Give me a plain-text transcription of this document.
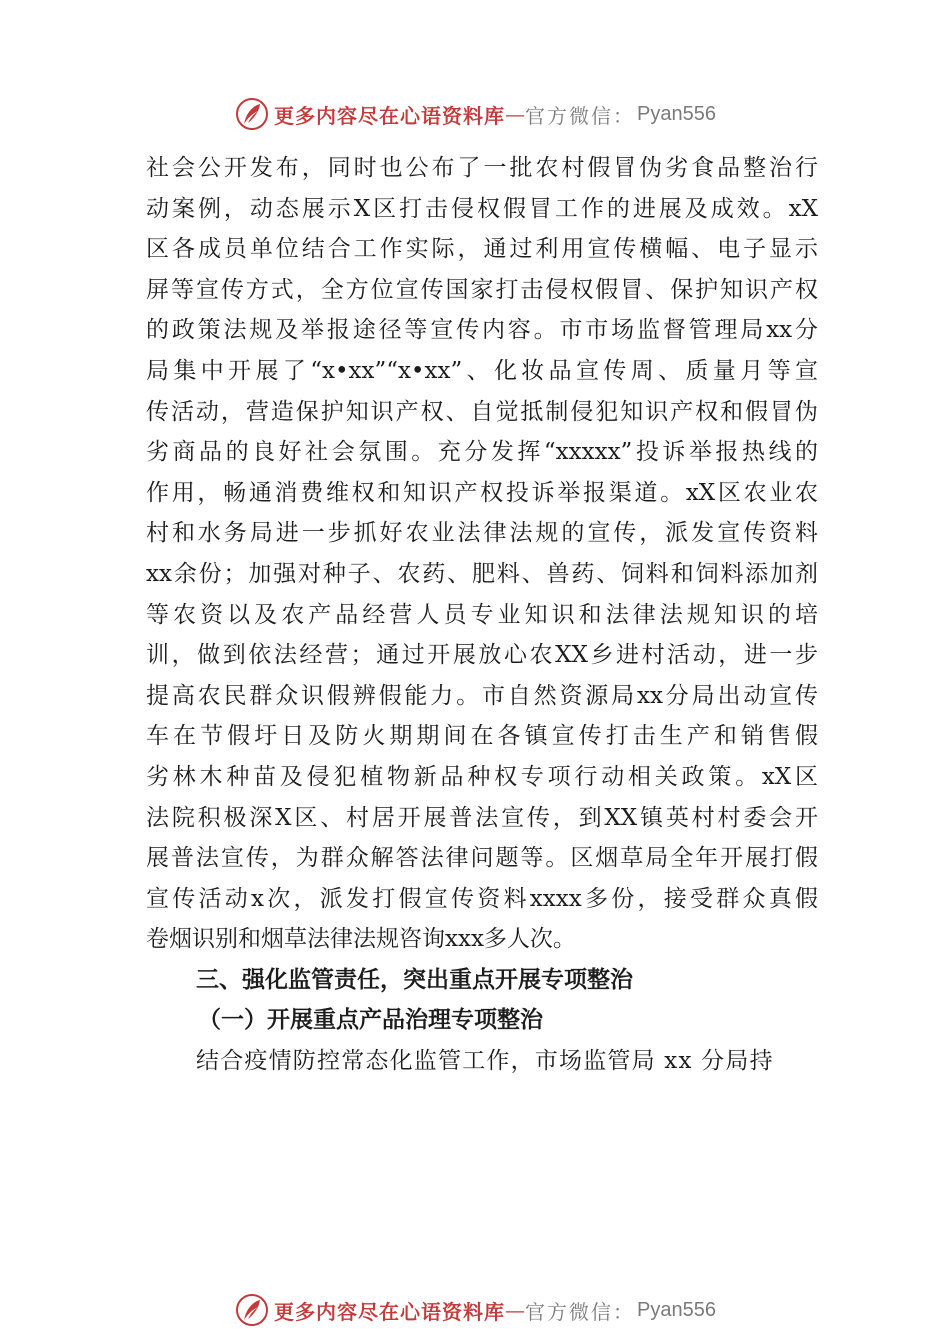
更多内容尽在心语资料库 — 官方微信： Pyan556
社会公开发布，同时也公布了一批农村假冒伪劣食品整治行
动案例，动态展示X区打击侵权假冒工作的进展及成效。xX
区各成员单位结合工作实际，通过利用宣传横幅、电子显示
屏等宣传方式，全方位宣传国家打击侵权假冒、保护知识产权
的政策法规及举报途径等宣传内容。市市场监督管理局xx分
局集中开展了“x•xx”“x•xx”、化妆品宣传周、质量月等宣
传活动，营造保护知识产权、自觉抵制侵犯知识产权和假冒伪
劣商品的良好社会氛围。充分发挥“xxxxx”投诉举报热线的
作用，畅通消费维权和知识产权投诉举报渠道。xX区农业农
村和水务局进一步抓好农业法律法规的宣传，派发宣传资料
xx余份；加强对种子、农药、肥料、兽药、饲料和饲料添加剂
等农资以及农产品经营人员专业知识和法律法规知识的培
训，做到依法经营；通过开展放心农XX乡进村活动，进一步
提高农民群众识假辨假能力。市自然资源局xx分局出动宣传
车在节假圩日及防火期期间在各镇宣传打击生产和销售假
劣林木种苗及侵犯植物新品种权专项行动相关政策。xX区
法院积极深X区、村居开展普法宣传，到XX镇英村村委会开
展普法宣传，为群众解答法律问题等。区烟草局全年开展打假
宣传活动x次，派发打假宣传资料xxxx多份，接受群众真假
卷烟识别和烟草法律法规咨询xxx多人次。
三、强化监管责任，突出重点开展专项整治
（一）开展重点产品治理专项整治
结合疫情防控常态化监管工作，市场监管局 xx 分局持
更多内容尽在心语资料库 — 官方微信： Pyan556
